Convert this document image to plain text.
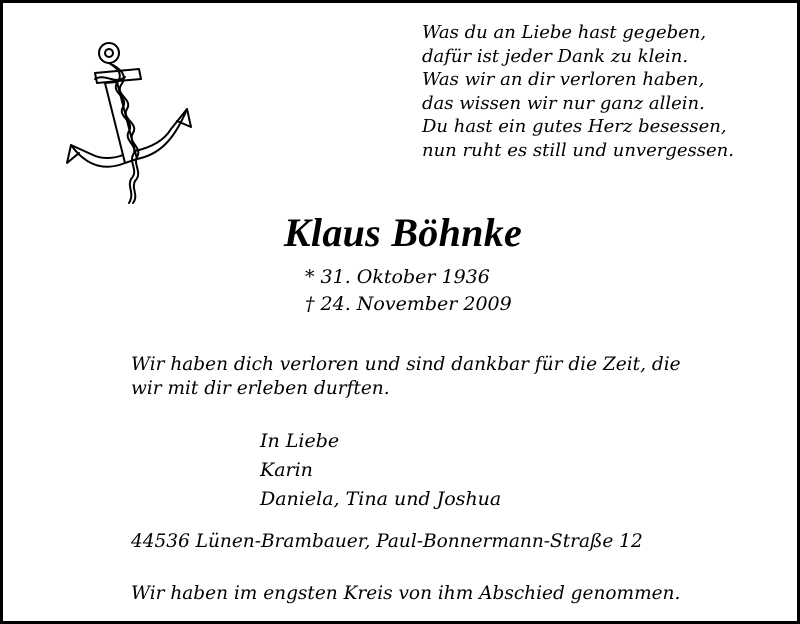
Was du an Liebe hast gegeben,
dafür ist jeder Dank zu klein.
Was wir an dir verloren haben,
das wissen wir nur ganz allein.
Du hast ein gutes Herz besessen,
nun ruht es still und unvergessen.
Klaus Böhnke
* 31. Oktober 1936
† 24. November 2009
Wir haben dich verloren und sind dankbar für die Zeit, die
wir mit dir erleben durften.
In Liebe
Karin
Daniela, Tina und Joshua
44536 Lünen-Brambauer, Paul-Bonnermann-Straße 12
Wir haben im engsten Kreis von ihm Abschied genommen.
